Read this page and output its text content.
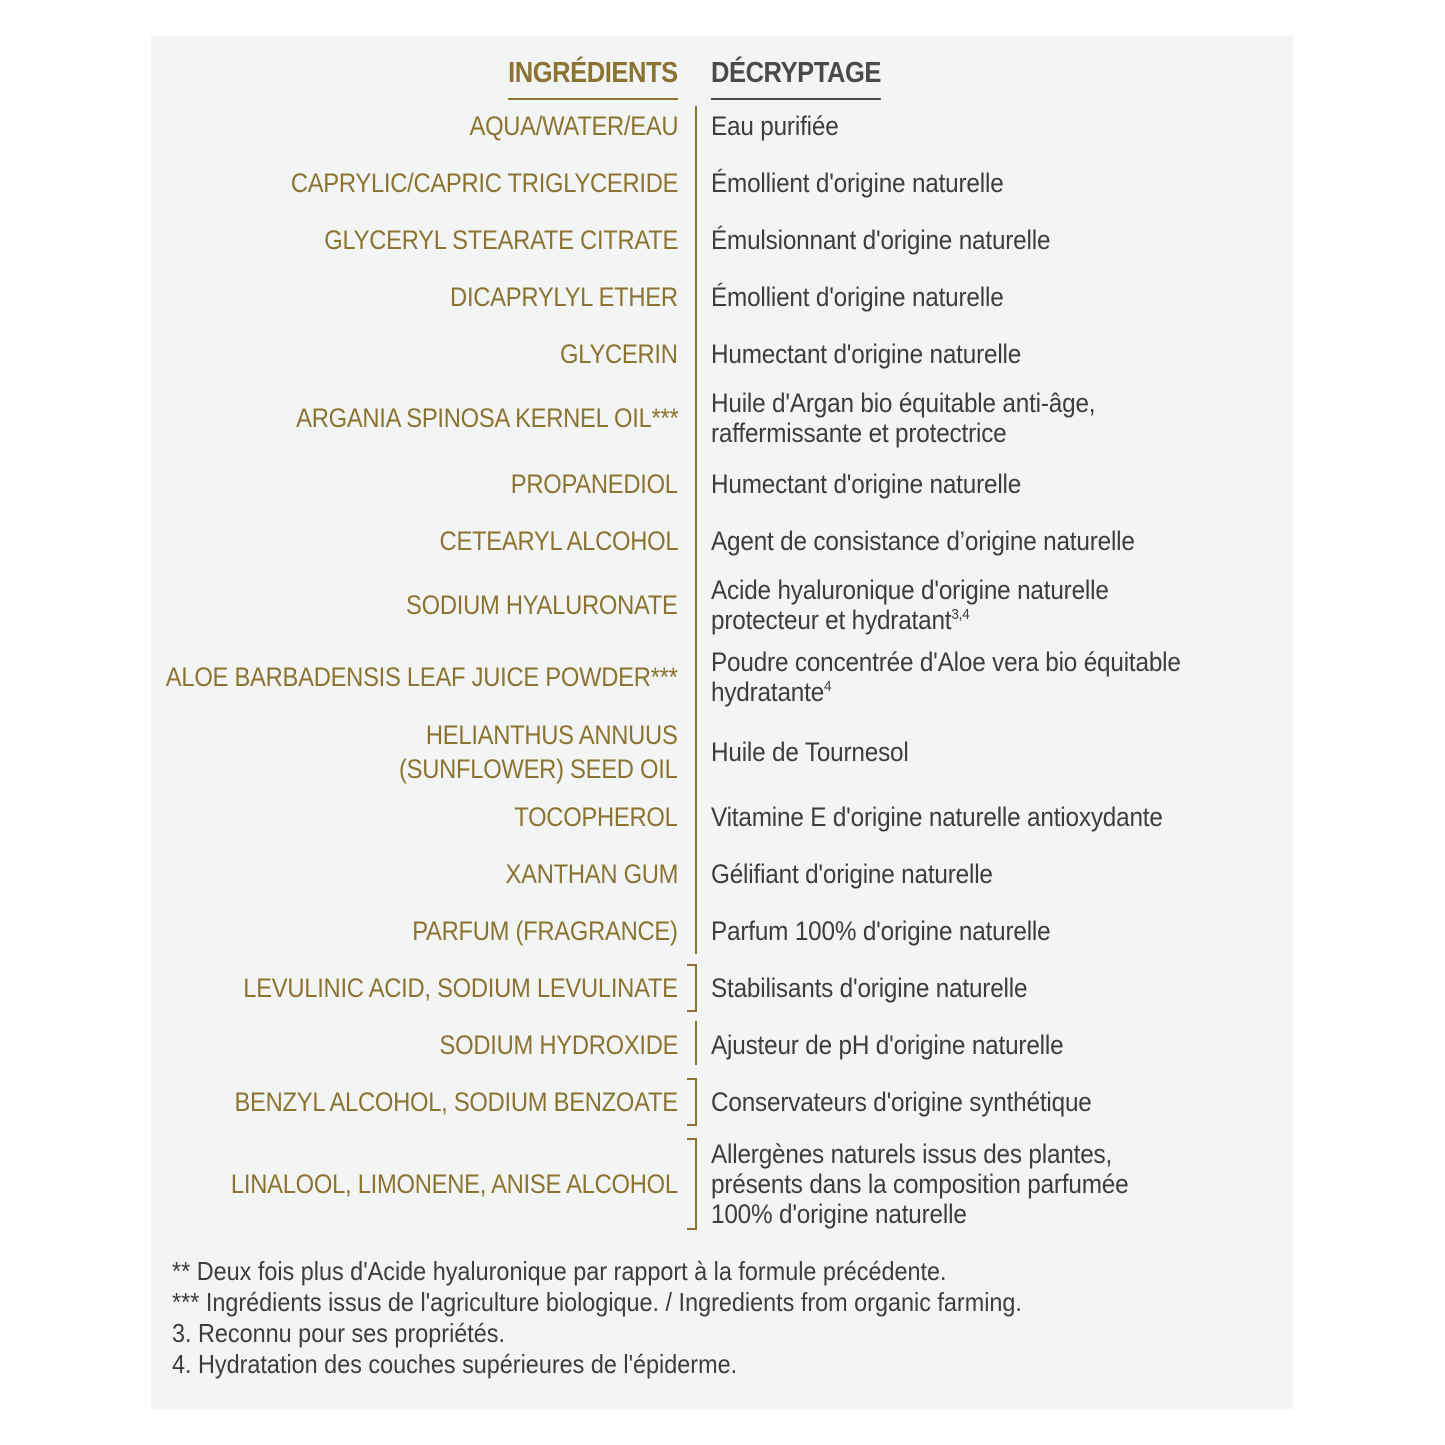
INGRÉDIENTS DÉCRYPTAGE
AQUA/WATER/EAU Eau purifiée
CAPRYLIC/CAPRIC TRIGLYCERIDE Émollient d'origine naturelle
GLYCERYL STEARATE CITRATE Émulsionnant d'origine naturelle
DICAPRYLYL ETHER Émollient d'origine naturelle
GLYCERIN Humectant d'origine naturelle
ARGANIA SPINOSA KERNEL OIL*** Huile d'Argan bio équitable anti-âge,
raffermissante et protectrice
PROPANEDIOL Humectant d'origine naturelle
CETEARYL ALCOHOL Agent de consistance d’origine naturelle
SODIUM HYALURONATE Acide hyaluronique d'origine naturelle
protecteur et hydratant$^{3,4}$
ALOE BARBADENSIS LEAF JUICE POWDER*** Poudre concentrée d'Aloe vera bio équitable
hydratante$^4$
HELIANTHUS ANNUUS
(SUNFLOWER) SEED OIL
Huile de Tournesol
TOCOPHEROL Vitamine E d'origine naturelle antioxydante
XANTHAN GUM Gélifiant d'origine naturelle
PARFUM (FRAGRANCE) Parfum 100% d'origine naturelle
LEVULINIC ACID, SODIUM LEVULINATE Stabilisants d'origine naturelle
SODIUM HYDROXIDE Ajusteur de pH d'origine naturelle
BENZYL ALCOHOL, SODIUM BENZOATE Conservateurs d'origine synthétique
LINALOOL, LIMONENE, ANISE ALCOHOL
Allergènes naturels issus des plantes,
présents dans la composition parfumée
100% d'origine naturelle
** Deux fois plus d'Acide hyaluronique par rapport à la formule précédente.
*** Ingrédients issus de l'agriculture biologique. / Ingredients from organic farming.
3. Reconnu pour ses propriétés.
4. Hydratation des couches supérieures de l'épiderme.
